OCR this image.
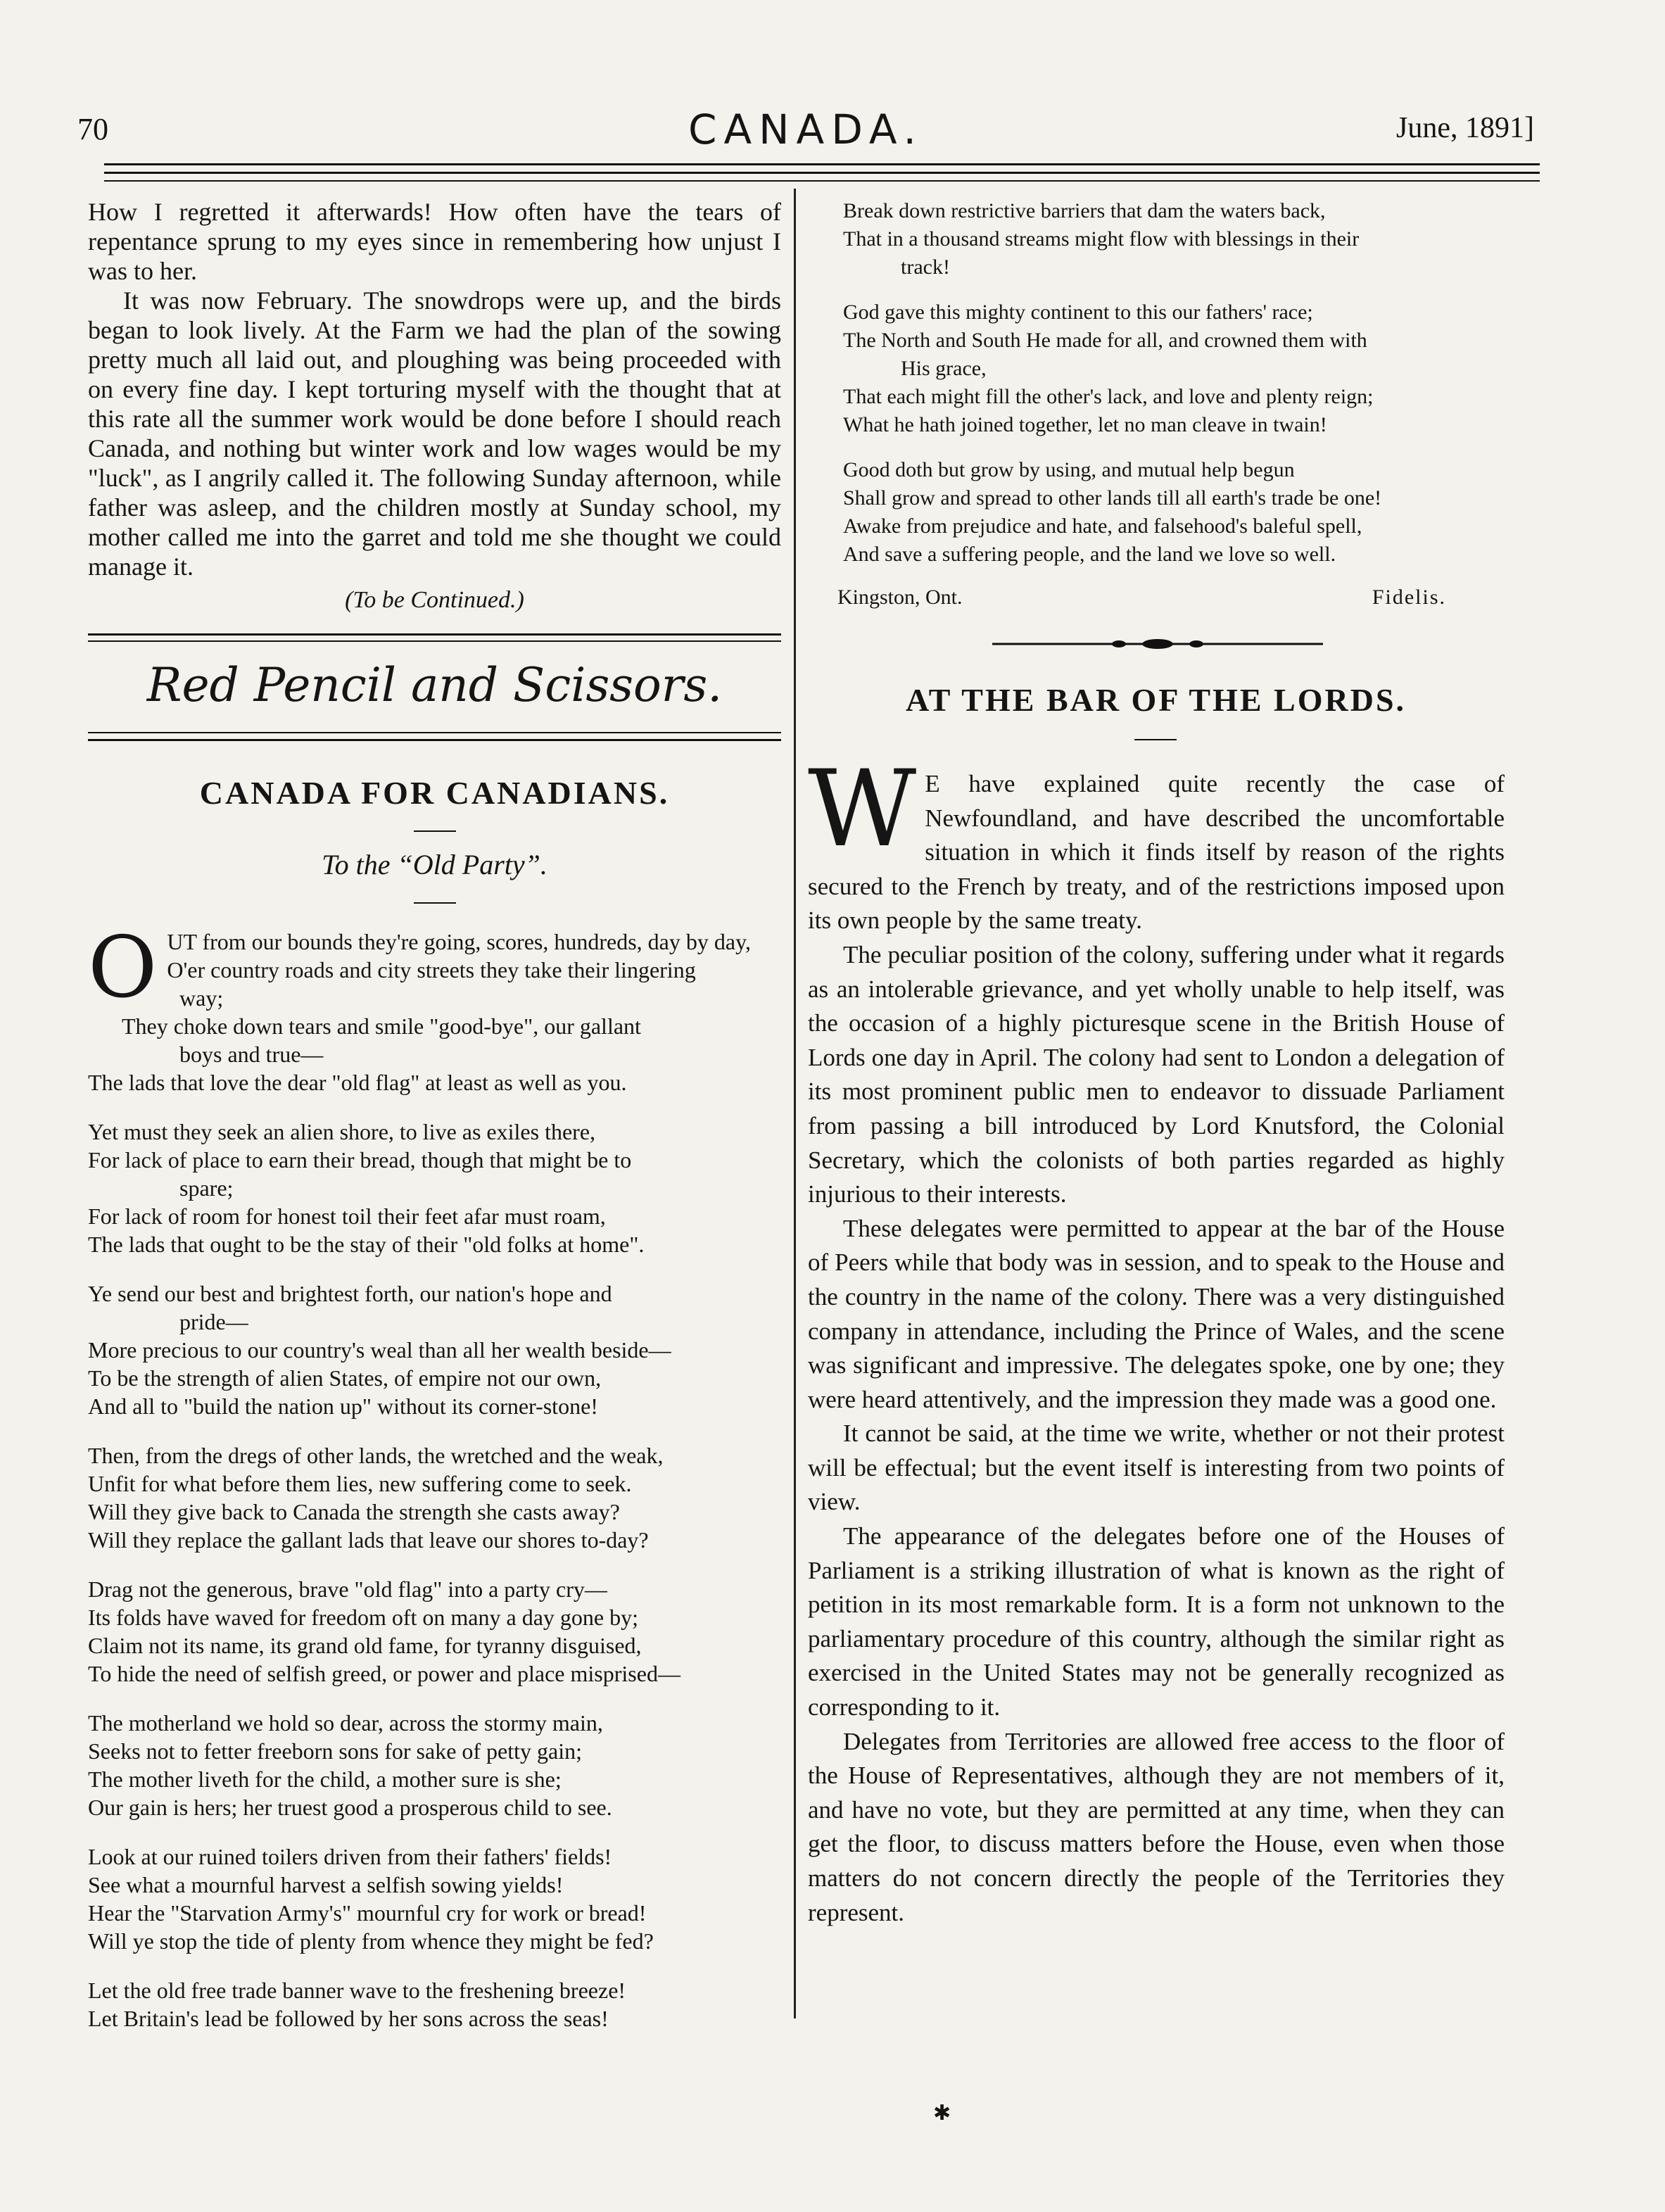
70	CANADA.	June, 1891]

How I regretted it afterwards! How often have the tears of repentance sprung to my eyes since in remembering how unjust I was to her.

It was now February. The snowdrops were up, and the birds began to look lively. At the Farm we had the plan of the sowing pretty much all laid out, and ploughing was being proceeded with on every fine day. I kept torturing myself with the thought that at this rate all the summer work would be done before I should reach Canada, and nothing but winter work and low wages would be my "luck", as I angrily called it. The following Sunday afternoon, while father was asleep, and the children mostly at Sunday school, my mother called me into the garret and told me she thought we could manage it.

(To be Continued.)
Red Pencil and Scissors.
CANADA FOR CANADIANS.
To the “Old Party”.
O UT from our bounds they're going, scores, hundreds, day by day,

O'er country roads and city streets they take their lingering

way;

They choke down tears and smile "good-bye", our gallant

boys and true—

The lads that love the dear "old flag" at least as well as you.

Yet must they seek an alien shore, to live as exiles there,

For lack of place to earn their bread, though that might be to

spare;

For lack of room for honest toil their feet afar must roam,

The lads that ought to be the stay of their "old folks at home".

Ye send our best and brightest forth, our nation's hope and

pride—

More precious to our country's weal than all her wealth beside—

To be the strength of alien States, of empire not our own,

And all to "build the nation up" without its corner-stone!

Then, from the dregs of other lands, the wretched and the weak,

Unfit for what before them lies, new suffering come to seek.

Will they give back to Canada the strength she casts away?

Will they replace the gallant lads that leave our shores to-day?

Drag not the generous, brave "old flag" into a party cry—

Its folds have waved for freedom oft on many a day gone by;

Claim not its name, its grand old fame, for tyranny disguised,

To hide the need of selfish greed, or power and place misprised—

The motherland we hold so dear, across the stormy main,

Seeks not to fetter freeborn sons for sake of petty gain;

The mother liveth for the child, a mother sure is she;

Our gain is hers; her truest good a prosperous child to see.

Look at our ruined toilers driven from their fathers' fields!

See what a mournful harvest a selfish sowing yields!

Hear the "Starvation Army's" mournful cry for work or bread!

Will ye stop the tide of plenty from whence they might be fed?

Let the old free trade banner wave to the freshening breeze!

Let Britain's lead be followed by her sons across the seas!

Break down restrictive barriers that dam the waters back,

That in a thousand streams might flow with blessings in their

track!

God gave this mighty continent to this our fathers' race;

The North and South He made for all, and crowned them with

His grace,

That each might fill the other's lack, and love and plenty reign;

What he hath joined together, let no man cleave in twain!

Good doth but grow by using, and mutual help begun

Shall grow and spread to other lands till all earth's trade be one!

Awake from prejudice and hate, and falsehood's baleful spell,

And save a suffering people, and the land we love so well.

Kingston, Ont.	Fidelis.
AT THE BAR OF THE LORDS.

W E have explained quite recently the case of Newfoundland, and have described the uncomfortable situation in which it finds itself by reason of the rights secured to the French by treaty, and of the restrictions imposed upon its own people by the same treaty.

The peculiar position of the colony, suffering under what it regards as an intolerable grievance, and yet wholly unable to help itself, was the occasion of a highly picturesque scene in the British House of Lords one day in April. The colony had sent to London a delegation of its most prominent public men to endeavor to dissuade Parliament from passing a bill introduced by Lord Knutsford, the Colonial Secretary, which the colonists of both parties regarded as highly injurious to their interests.

These delegates were permitted to appear at the bar of the House of Peers while that body was in session, and to speak to the House and the country in the name of the colony. There was a very distinguished company in attendance, including the Prince of Wales, and the scene was significant and impressive. The delegates spoke, one by one; they were heard attentively, and the impression they made was a good one.

It cannot be said, at the time we write, whether or not their protest will be effectual; but the event itself is interesting from two points of view.

The appearance of the delegates before one of the Houses of Parliament is a striking illustration of what is known as the right of petition in its most remarkable form. It is a form not unknown to the parliamentary procedure of this country, although the similar right as exercised in the United States may not be generally recognized as corresponding to it.

Delegates from Territories are allowed free access to the floor of the House of Representatives, although they are not members of it, and have no vote, but they are permitted at any time, when they can get the floor, to discuss matters before the House, even when those matters do not concern directly the people of the Territories they represent.

✱
